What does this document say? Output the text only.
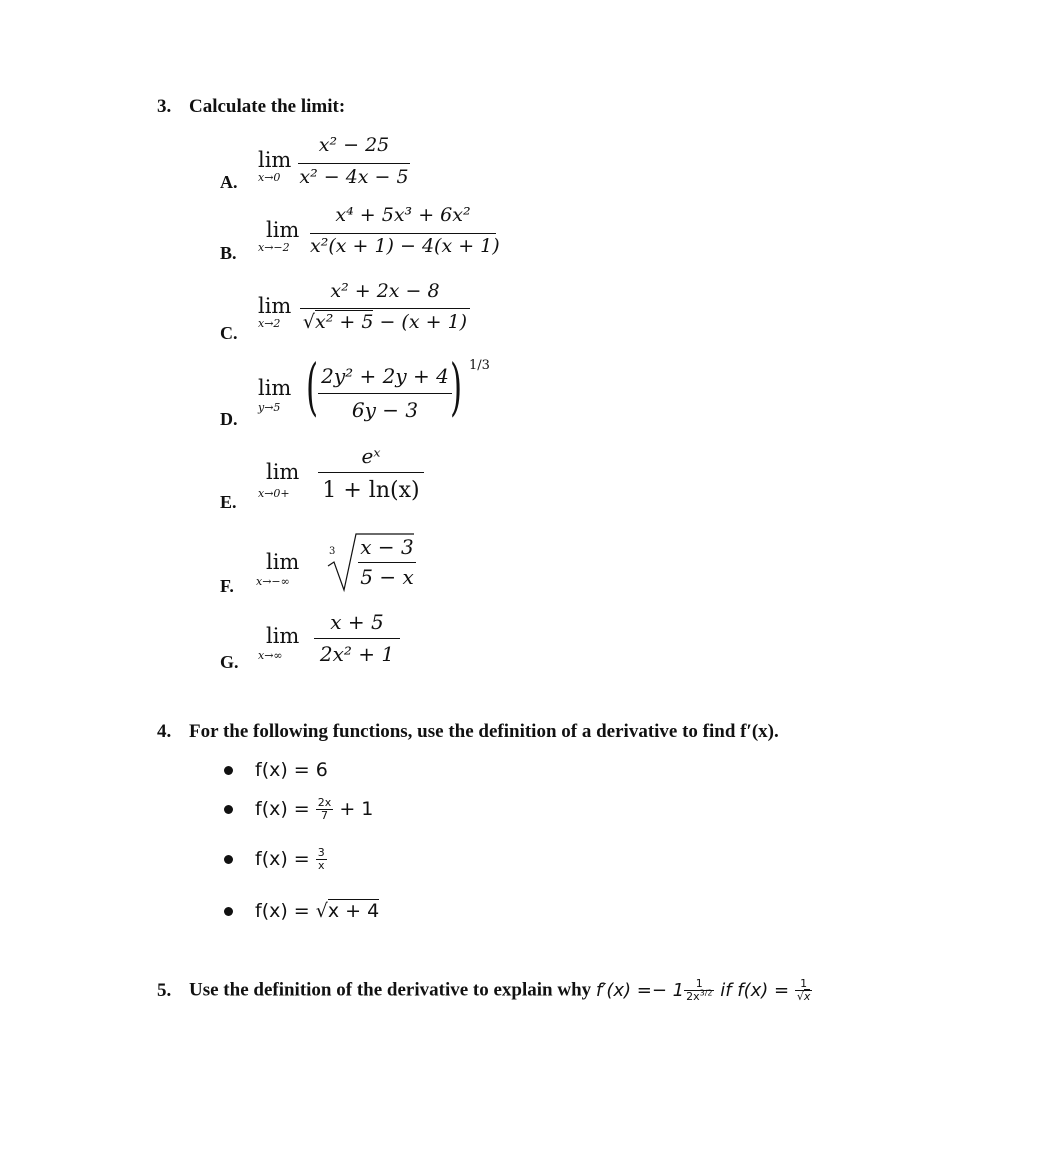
3. Calculate the limit:
A.
lim
x→0
x² − 25
x² − 4x − 5
B.
lim
x→−2
x⁴ + 5x³ + 6x²
x²(x + 1) − 4(x + 1)
C.
lim
x→2
x² + 2x − 8
√x² + 5 − (x + 1)
D.
lim
y→5 ( 2y² + 2y + 4
6y − 3 ) 1/3
E.
lim
x→0+
eˣ
1 + ln(x)
F.
lim
x→−∞
3 x − 3
5 − x
G.
lim
x→∞
x + 5
2x² + 1
4. For the following functions, use the definition of a derivative to find f′(x).
f(x) = 6
$f(x) = \frac{2x}{7} + 1$
$f(x) = \frac{3}{x}$
f(x) = √x + 4
5. Use the definition of the derivative to explain why $f'(x) =- 1 \frac{1}{2x^{3/2}}$ if $f(x) = \frac{1}{√x}$
